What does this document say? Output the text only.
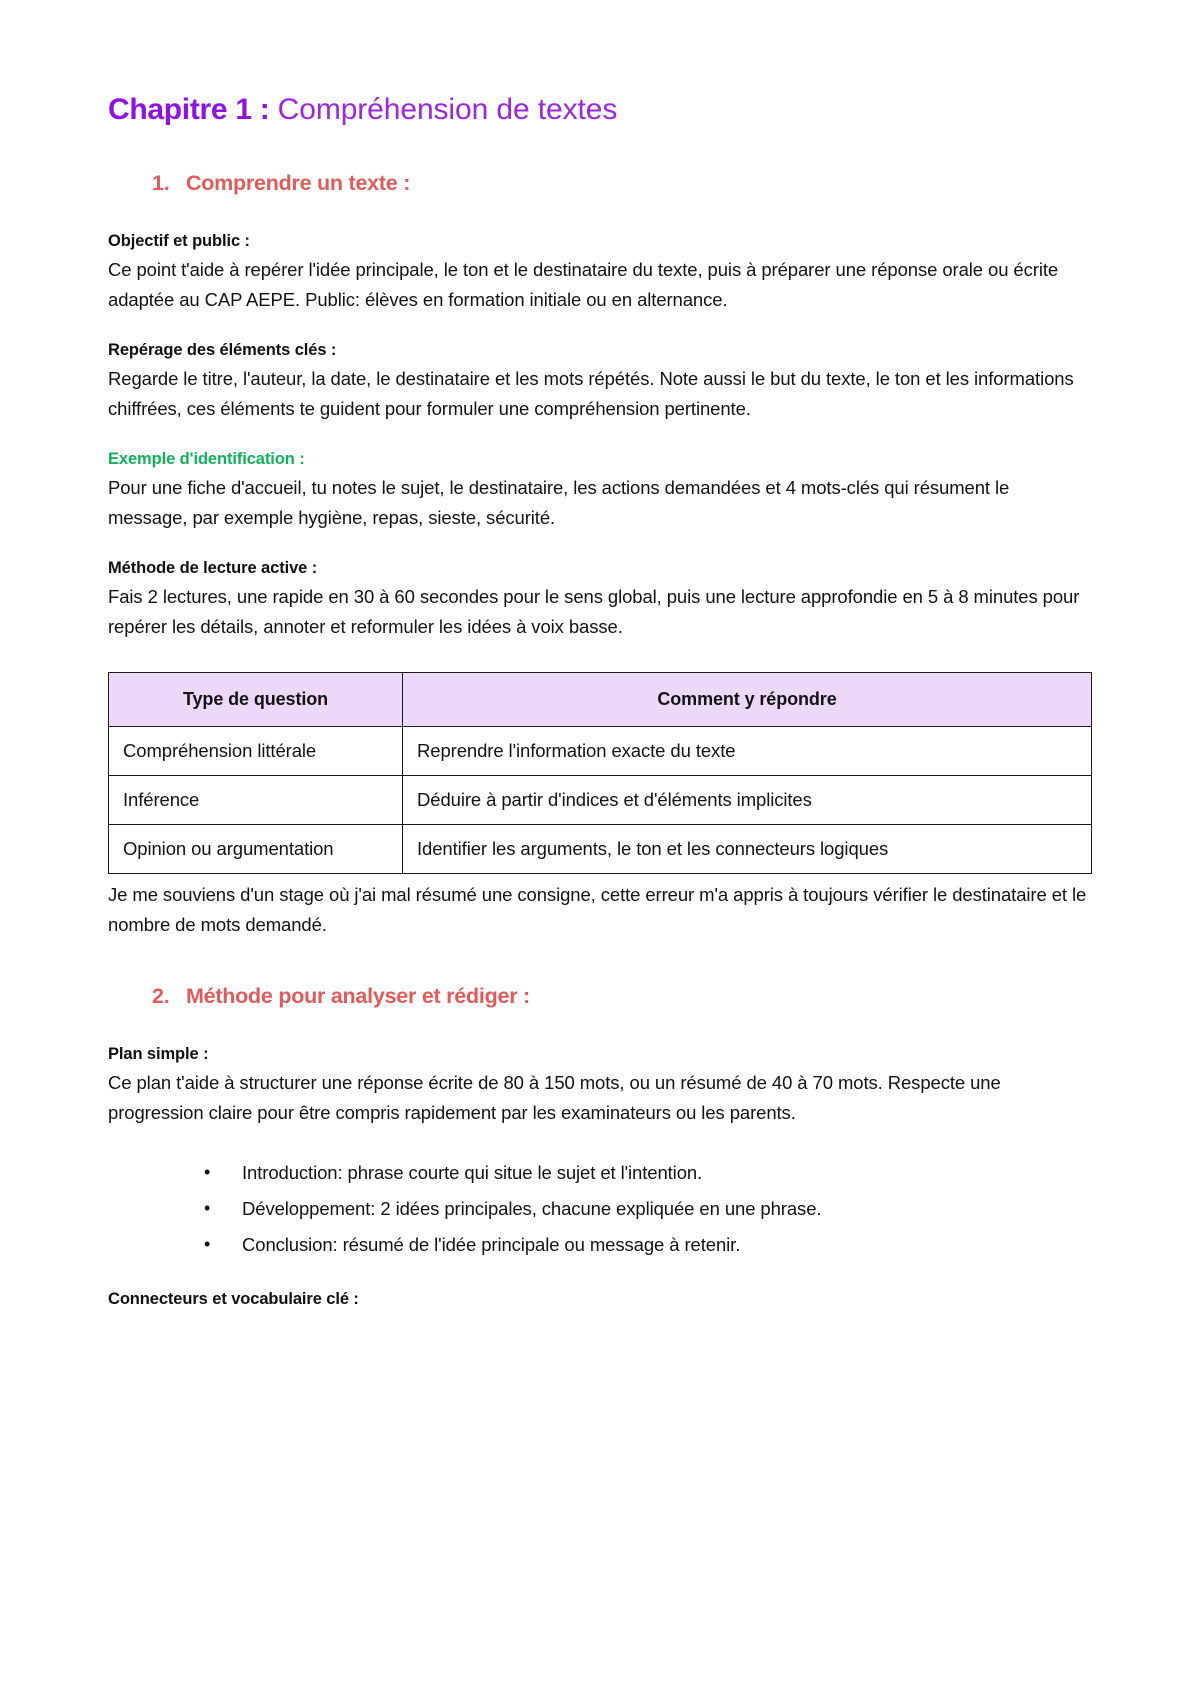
Chapitre 1 : Compréhension de textes
1. Comprendre un texte :
Objectif et public :

Ce point t'aide à repérer l'idée principale, le ton et le destinataire du texte, puis à préparer une réponse orale ou écrite adaptée au CAP AEPE. Public: élèves en formation initiale ou en alternance.

Repérage des éléments clés :

Regarde le titre, l'auteur, la date, le destinataire et les mots répétés. Note aussi le but du texte, le ton et les informations chiffrées, ces éléments te guident pour formuler une compréhension pertinente.

Exemple d'identification :

Pour une fiche d'accueil, tu notes le sujet, le destinataire, les actions demandées et 4 mots-clés qui résument le message, par exemple hygiène, repas, sieste, sécurité.

Méthode de lecture active :

Fais 2 lectures, une rapide en 30 à 60 secondes pour le sens global, puis une lecture approfondie en 5 à 8 minutes pour repérer les détails, annoter et reformuler les idées à voix basse.

Type de question	Comment y répondre
Compréhension littérale	Reprendre l'information exacte du texte
Inférence	Déduire à partir d'indices et d'éléments implicites
Opinion ou argumentation	Identifier les arguments, le ton et les connecteurs logiques

Je me souviens d'un stage où j'ai mal résumé une consigne, cette erreur m'a appris à toujours vérifier le destinataire et le nombre de mots demandé.

2. Méthode pour analyser et rédiger :
Plan simple :

Ce plan t'aide à structurer une réponse écrite de 80 à 150 mots, ou un résumé de 40 à 70 mots. Respecte une progression claire pour être compris rapidement par les examinateurs ou les parents.

• Introduction: phrase courte qui situe le sujet et l'intention.
• Développement: 2 idées principales, chacune expliquée en une phrase.
• Conclusion: résumé de l'idée principale ou message à retenir.
Connecteurs et vocabulaire clé :
